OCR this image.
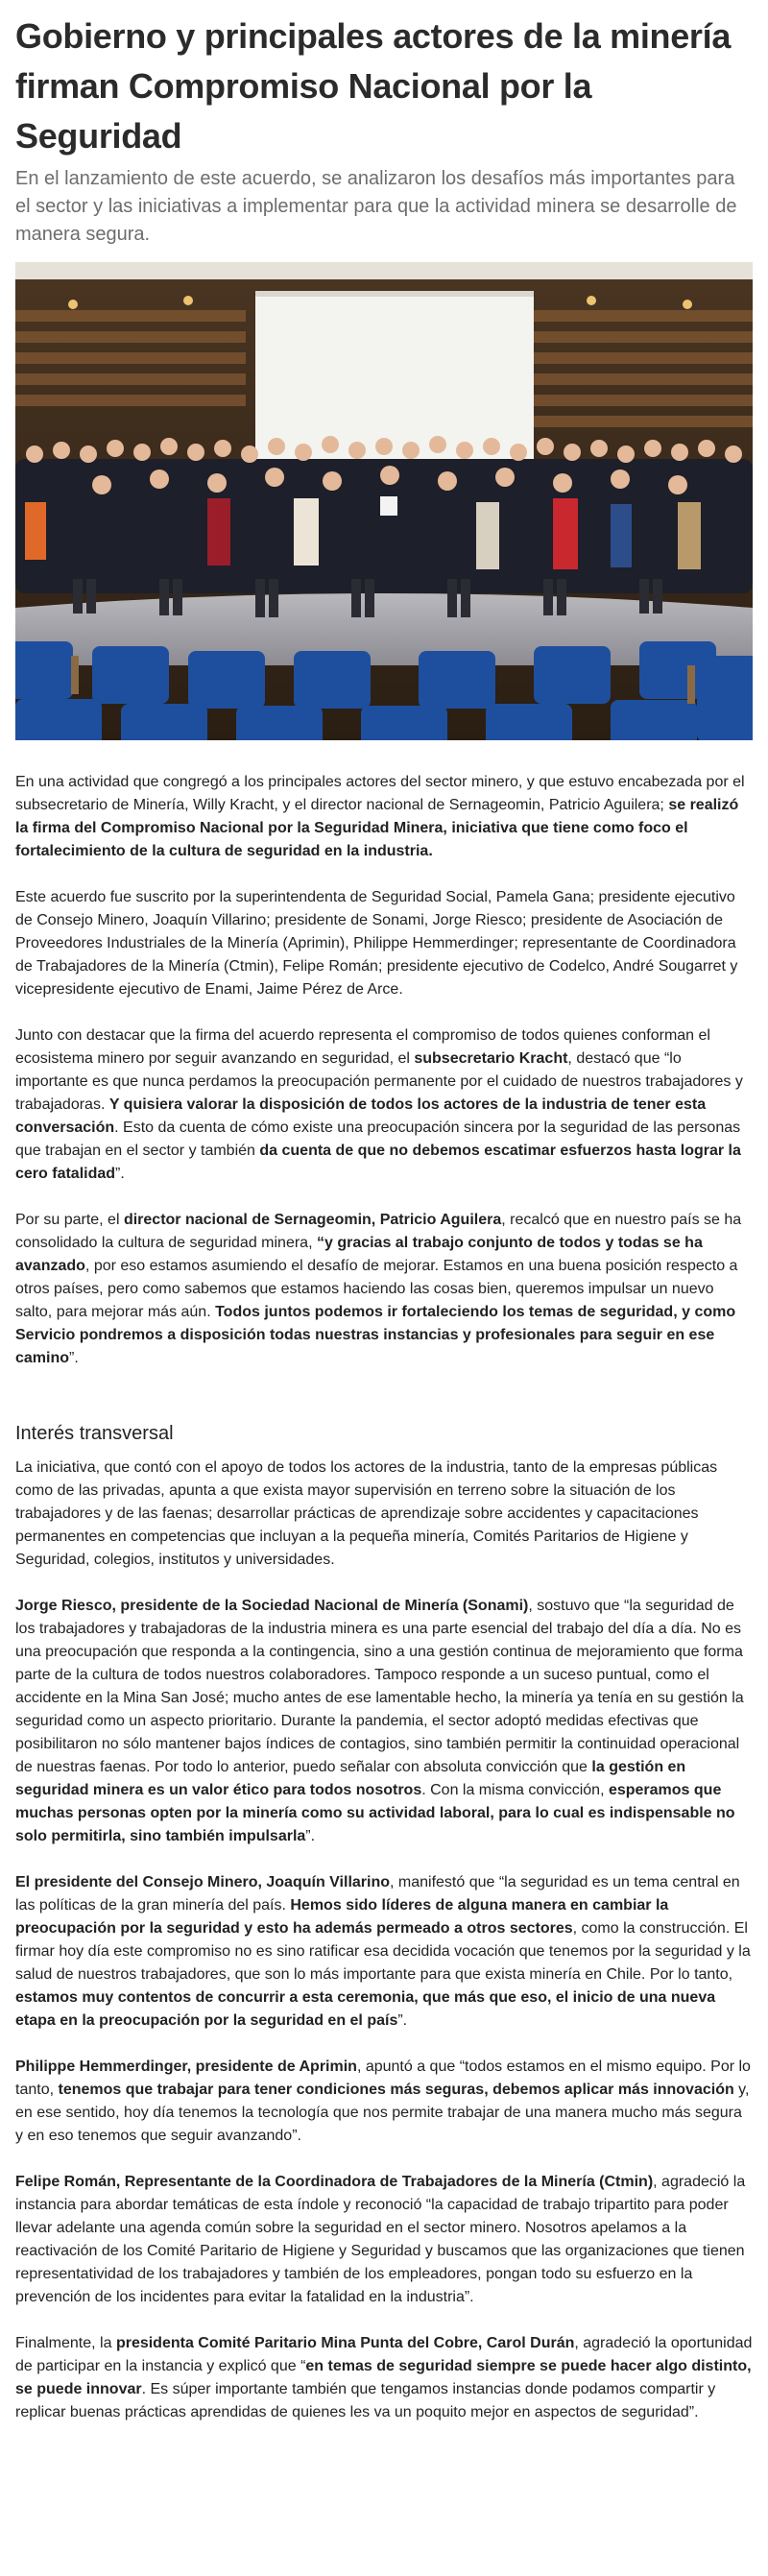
Gobierno y principales actores de la minería firman Compromiso Nacional por la Seguridad

En el lanzamiento de este acuerdo, se analizaron los desafíos más importantes para el sector y las iniciativas a implementar para que la actividad minera se desarrolle de manera segura.

En una actividad que congregó a los principales actores del sector minero, y que estuvo encabezada por el subsecretario de Minería, Willy Kracht, y el director nacional de Sernageomin, Patricio Aguilera; se realizó la firma del Compromiso Nacional por la Seguridad Minera, iniciativa que tiene como foco el fortalecimiento de la cultura de seguridad en la industria.

Este acuerdo fue suscrito por la superintendenta de Seguridad Social, Pamela Gana; presidente ejecutivo de Consejo Minero, Joaquín Villarino; presidente de Sonami, Jorge Riesco; presidente de Asociación de Proveedores Industriales de la Minería (Aprimin), Philippe Hemmerdinger; representante de Coordinadora de Trabajadores de la Minería (Ctmin), Felipe Román; presidente ejecutivo de Codelco, André Sougarret y vicepresidente ejecutivo de Enami, Jaime Pérez de Arce.

Junto con destacar que la firma del acuerdo representa el compromiso de todos quienes conforman el ecosistema minero por seguir avanzando en seguridad, el subsecretario Kracht, destacó que “lo importante es que nunca perdamos la preocupación permanente por el cuidado de nuestros trabajadores y trabajadoras. Y quisiera valorar la disposición de todos los actores de la industria de tener esta conversación. Esto da cuenta de cómo existe una preocupación sincera por la seguridad de las personas que trabajan en el sector y también da cuenta de que no debemos escatimar esfuerzos hasta lograr la cero fatalidad”.

Por su parte, el director nacional de Sernageomin, Patricio Aguilera, recalcó que en nuestro país se ha consolidado la cultura de seguridad minera, “y gracias al trabajo conjunto de todos y todas se ha avanzado, por eso estamos asumiendo el desafío de mejorar. Estamos en una buena posición respecto a otros países, pero como sabemos que estamos haciendo las cosas bien, queremos impulsar un nuevo salto, para mejorar más aún. Todos juntos podemos ir fortaleciendo los temas de seguridad, y como Servicio pondremos a disposición todas nuestras instancias y profesionales para seguir en ese camino”.

Interés transversal

La iniciativa, que contó con el apoyo de todos los actores de la industria, tanto de la empresas públicas como de las privadas, apunta a que exista mayor supervisión en terreno sobre la situación de los trabajadores y de las faenas; desarrollar prácticas de aprendizaje sobre accidentes y capacitaciones permanentes en competencias que incluyan a la pequeña minería, Comités Paritarios de Higiene y Seguridad, colegios, institutos y universidades.

Jorge Riesco, presidente de la Sociedad Nacional de Minería (Sonami), sostuvo que “la seguridad de los trabajadores y trabajadoras de la industria minera es una parte esencial del trabajo del día a día. No es una preocupación que responda a la contingencia, sino a una gestión continua de mejoramiento que forma parte de la cultura de todos nuestros colaboradores. Tampoco responde a un suceso puntual, como el accidente en la Mina San José; mucho antes de ese lamentable hecho, la minería ya tenía en su gestión la seguridad como un aspecto prioritario. Durante la pandemia, el sector adoptó medidas efectivas que posibilitaron no sólo mantener bajos índices de contagios, sino también permitir la continuidad operacional de nuestras faenas. Por todo lo anterior, puedo señalar con absoluta convicción que la gestión en seguridad minera es un valor ético para todos nosotros. Con la misma convicción, esperamos que muchas personas opten por la minería como su actividad laboral, para lo cual es indispensable no solo permitirla, sino también impulsarla”.

El presidente del Consejo Minero, Joaquín Villarino, manifestó que “la seguridad es un tema central en las políticas de la gran minería del país. Hemos sido líderes de alguna manera en cambiar la preocupación por la seguridad y esto ha además permeado a otros sectores, como la construcción. El firmar hoy día este compromiso no es sino ratificar esa decidida vocación que tenemos por la seguridad y la salud de nuestros trabajadores, que son lo más importante para que exista minería en Chile. Por lo tanto, estamos muy contentos de concurrir a esta ceremonia, que más que eso, el inicio de una nueva etapa en la preocupación por la seguridad en el país”.

Philippe Hemmerdinger, presidente de Aprimin, apuntó a que “todos estamos en el mismo equipo. Por lo tanto, tenemos que trabajar para tener condiciones más seguras, debemos aplicar más innovación y, en ese sentido, hoy día tenemos la tecnología que nos permite trabajar de una manera mucho más segura y en eso tenemos que seguir avanzando”.

Felipe Román, Representante de la Coordinadora de Trabajadores de la Minería (Ctmin), agradeció la instancia para abordar temáticas de esta índole y reconoció “la capacidad de trabajo tripartito para poder llevar adelante una agenda común sobre la seguridad en el sector minero. Nosotros apelamos a la reactivación de los Comité Paritario de Higiene y Seguridad y buscamos que las organizaciones que tienen representatividad de los trabajadores y también de los empleadores, pongan todo su esfuerzo en la prevención de los incidentes para evitar la fatalidad en la industria”.

Finalmente, la presidenta Comité Paritario Mina Punta del Cobre, Carol Durán, agradeció la oportunidad de participar en la instancia y explicó que “en temas de seguridad siempre se puede hacer algo distinto, se puede innovar. Es súper importante también que tengamos instancias donde podamos compartir y replicar buenas prácticas aprendidas de quienes les va un poquito mejor en aspectos de seguridad”.
